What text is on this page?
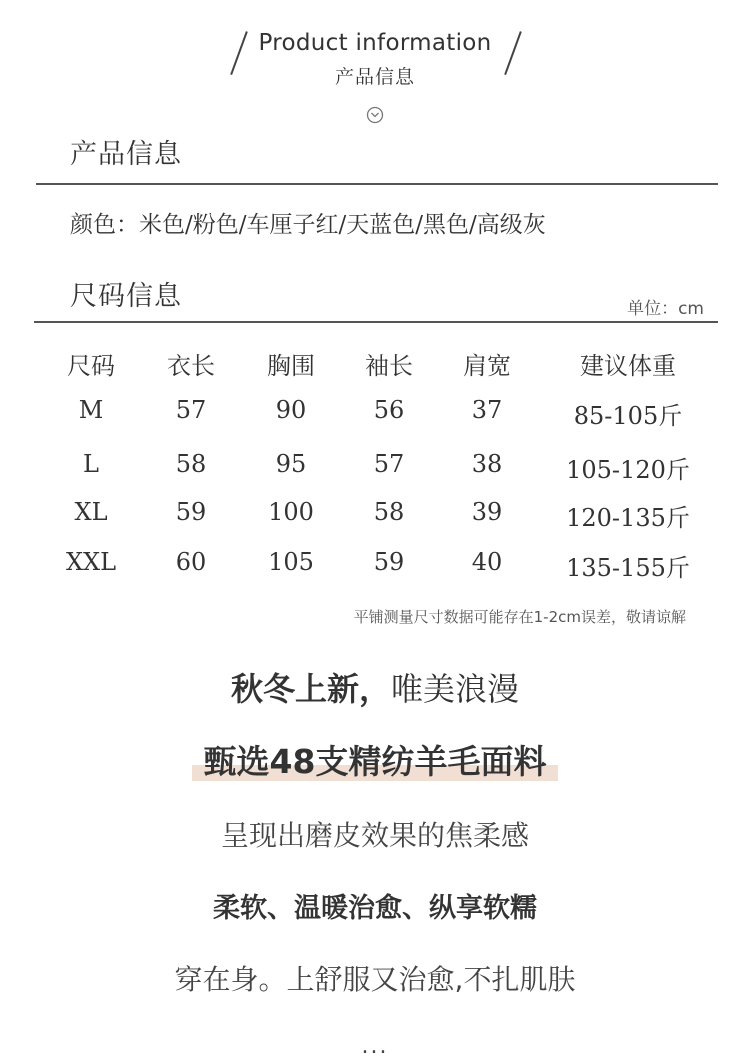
Product information
产品信息
产品信息
颜色：米色/粉色/车厘子红/天蓝色/黑色/高级灰
尺码信息	单位：cm
尺码	衣长	胸围	袖长	肩宽	建议体重
M	57	90	56	37	85-105斤
L	58	95	57	38	105-120斤
XL	59	100	58	39	120-135斤
XXL	60	105	59	40	135-155斤
平铺测量尺寸数据可能存在1-2cm误差，敬请谅解
秋冬上新，唯美浪漫
甄选48支精纺羊毛面料
呈现出磨皮效果的焦柔感
柔软、温暖治愈、纵享软糯
穿在身。上舒服又治愈,不扎肌肤
...
